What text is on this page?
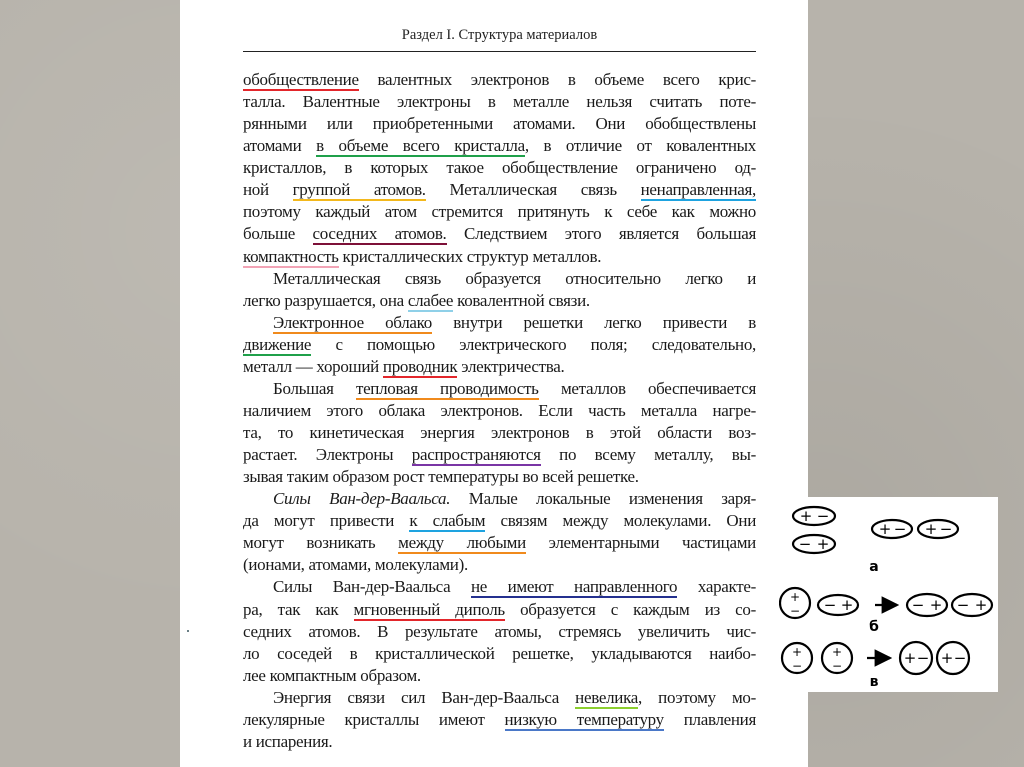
Раздел I. Структура материалов
обобществление валентных электронов в объеме всего крис-
талла. Валентные электроны в металле нельзя считать поте-
рянными или приобретенными атомами. Они обобществлены
атомами в объеме всего кристалла, в отличие от ковалентных
кристаллов, в которых такое обобществление ограничено од-
ной группой атомов. Металлическая связь ненаправленная,
поэтому каждый атом стремится притянуть к себе как можно
больше соседних атомов. Следствием этого является большая
компактность кристаллических структур металлов.
Металлическая связь образуется относительно легко и
легко разрушается, она слабее ковалентной связи.
Электронное облако внутри решетки легко привести в
движение с помощью электрического поля; следовательно,
металл — хороший проводник электричества.
Большая тепловая проводимость металлов обеспечивается
наличием этого облака электронов. Если часть металла нагре-
та, то кинетическая энергия электронов в этой области воз-
растает. Электроны распространяются по всему металлу, вы-
зывая таким образом рост температуры во всей решетке.
Силы Ван-дер-Ваальса. Малые локальные изменения заря-
да могут привести к слабым связям между молекулами. Они
могут возникать между любыми элементарными частицами
(ионами, атомами, молекулами).
Силы Ван-дер-Ваальса не имеют направленного характе-
ра, так как мгновенный диполь образуется с каждым из со-
седних атомов. В результате атомы, стремясь увеличить чис-
ло соседей в кристаллической решетке, укладываются наибо-
лее компактным образом.
Энергия связи сил Ван-дер-Ваальса невелика, поэтому мо-
лекулярные кристаллы имеют низкую температуру плавления
и испарения.
+ −
− +
+ − + −
− +	− + − +
+ − + −
+
−
+
−
+
−
а
б
в
